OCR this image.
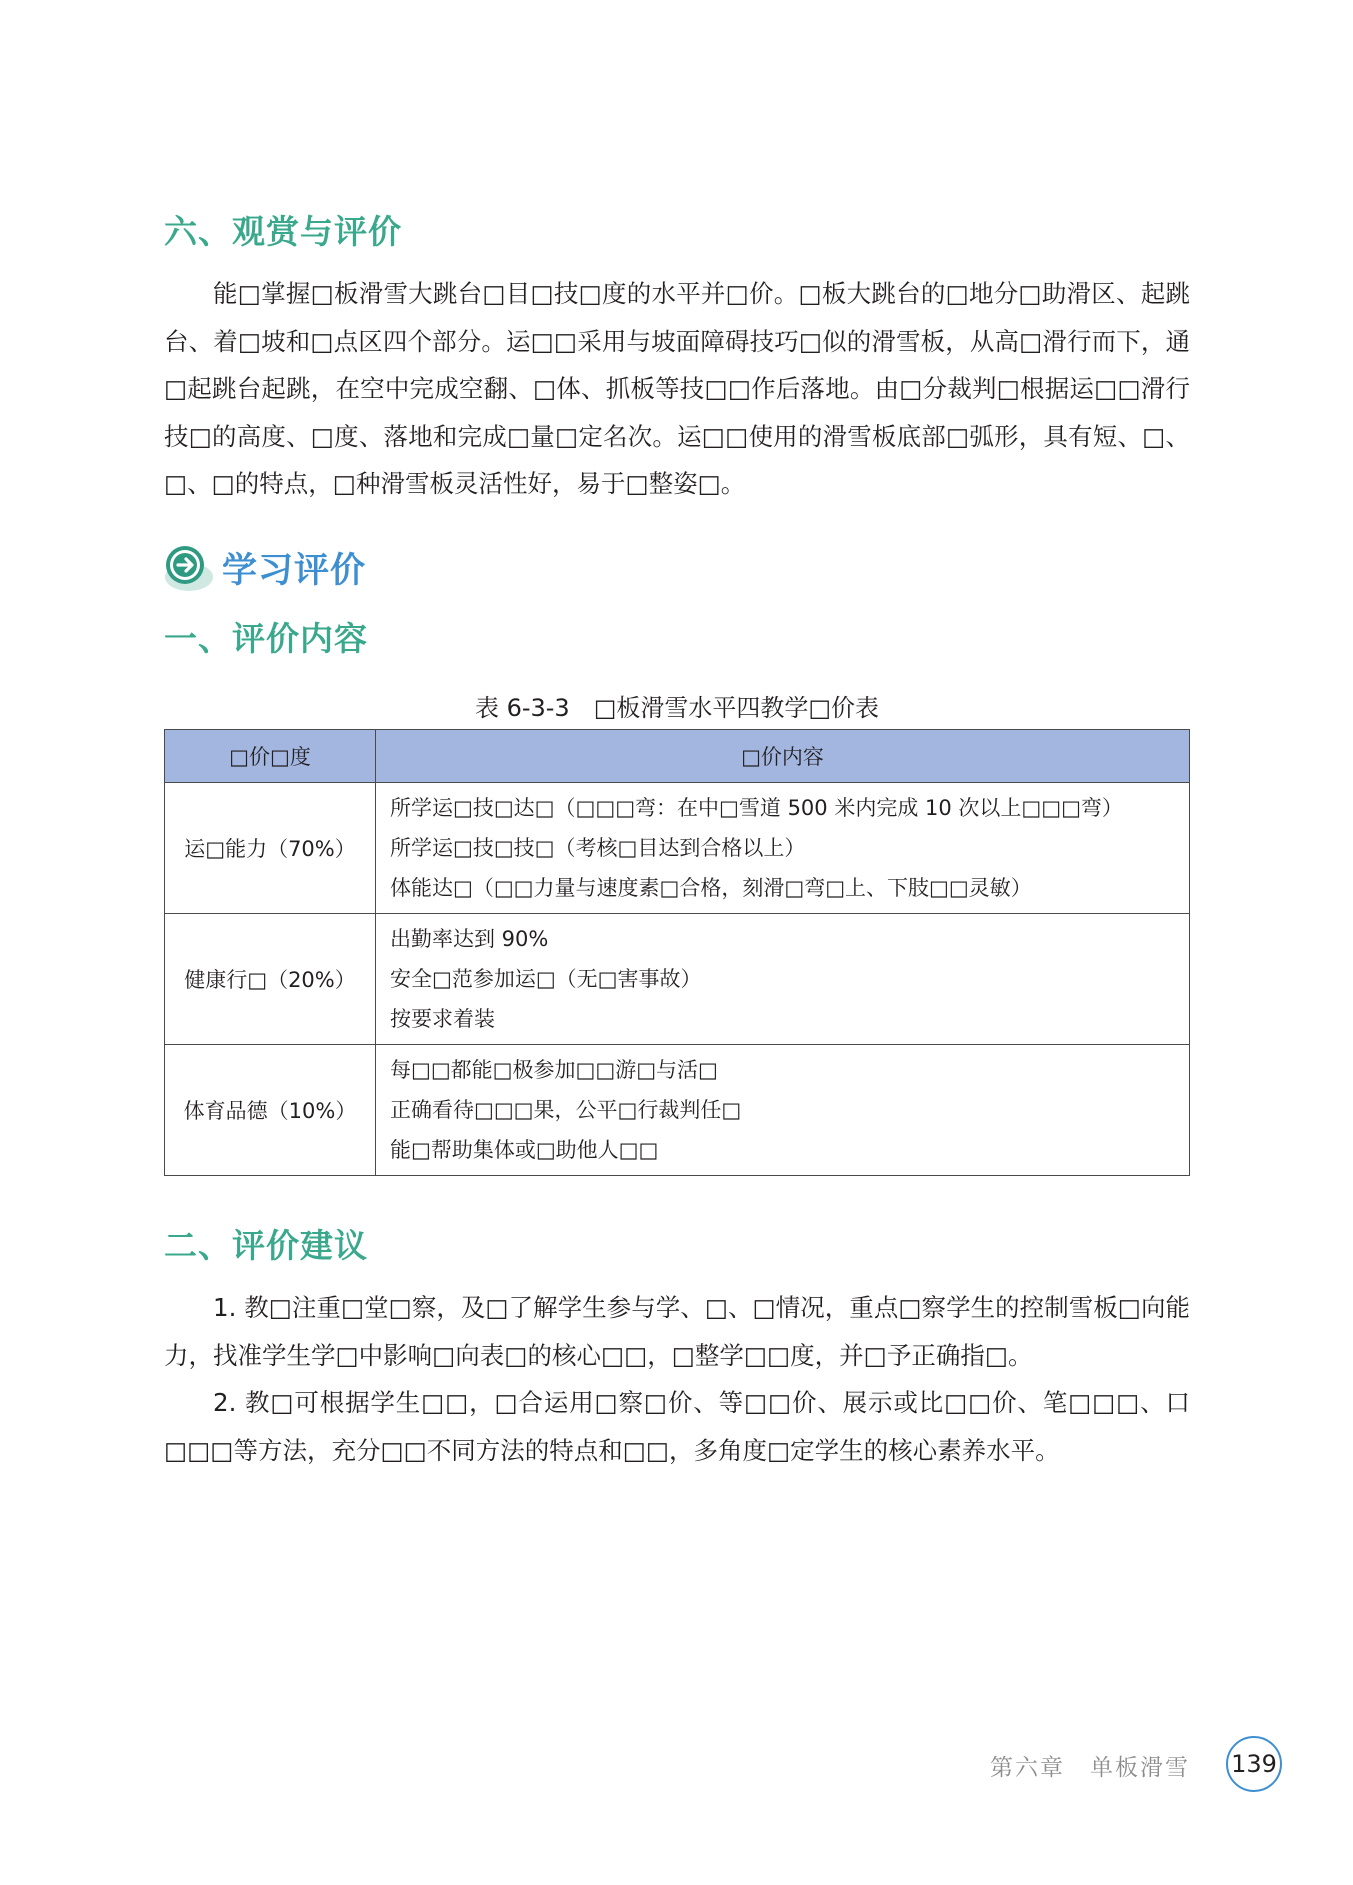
六、观赏与评价

能□掌握□板滑雪大跳台□目□技□度的水平并□价。□板大跳台的□地分□助滑区、起跳台、着□坡和□点区四个部分。运□□采用与坡面障碍技巧□似的滑雪板，从高□滑行而下，通□起跳台起跳，在空中完成空翻、□体、抓板等技□□作后落地。由□分裁判□根据运□□滑行技□的高度、□度、落地和完成□量□定名次。运□□使用的滑雪板底部□弧形，具有短、□、□、□的特点，□种滑雪板灵活性好，易于□整姿□。

学习评价
一、评价内容
表 6-3-3　□板滑雪水平四教学□价表
□价□度	□价内容
运□能力（70%）	所学运□技□达□（□□□弯：在中□雪道 500 米内完成 10 次以上□□□弯）
所学运□技□技□（考核□目达到合格以上）
体能达□（□□力量与速度素□合格，刻滑□弯□上、下肢□□灵敏）

健康行□（20%）	出勤率达到 90%
安全□范参加运□（无□害事故）
按要求着装

体育品德（10%）	每□□都能□极参加□□游□与活□
正确看待□□□果，公平□行裁判任□
能□帮助集体或□助他人□□
二、评价建议

1. 教□注重□堂□察，及□了解学生参与学、□、□情况，重点□察学生的控制雪板□向能力，找准学生学□中影响□向表□的核心□□，□整学□□度，并□予正确指□。

2. 教□可根据学生□□，□合运用□察□价、等□□价、展示或比□□价、笔□□□、口□□□等方法，充分□□不同方法的特点和□□，多角度□定学生的核心素养水平。

第六章　单板滑雪 139
